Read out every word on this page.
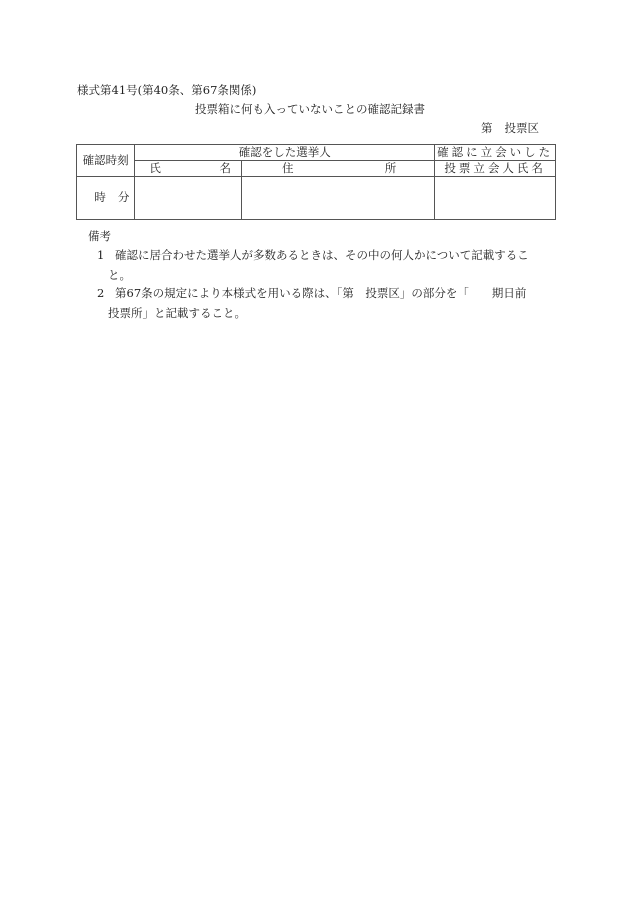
様式第41号(第40条、第67条関係)
投票箱に何も入っていないことの確認記録書
第 投票区
確認時刻	確認をした選挙人		確認に立会いした

	氏 名	住 所	投票立会人氏名
時 分			
備考
1 確認に居合わせた選挙人が多数あるときは、その中の何人かについて記載するこ
と。
2 第67条の規定により本様式を用いる際は、「第　投票区」の部分を「　　期日前
投票所」と記載すること。
